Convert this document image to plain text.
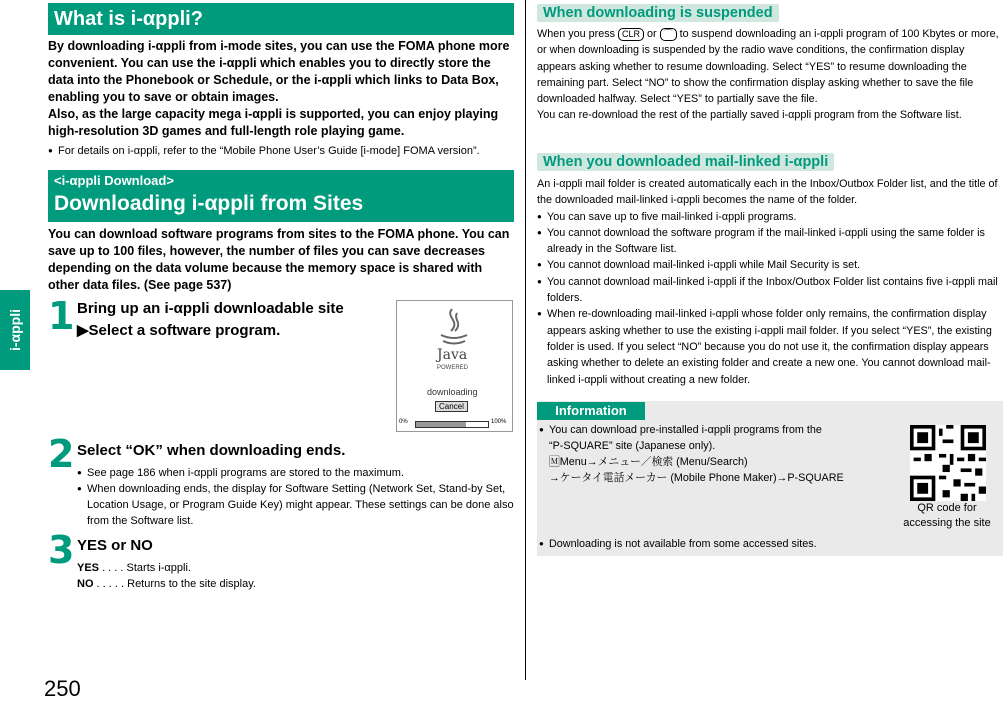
i-αppli
250
What is i-αppli?
By downloading i-αppli from i-mode sites, you can use the FOMA phone more convenient. You can use the i-αppli which enables you to directly store the data into the Phonebook or Schedule, or the i-αppli which links to Data Box, enabling you to save or obtain images.
Also, as the large capacity mega i-αppli is supported, you can enjoy playing high-resolution 3D games and full-length role playing game.
● For details on i-αppli, refer to the “Mobile Phone User’s Guide [i-mode] FOMA version”.
<i-αppli Download>
Downloading i-αppli from Sites
You can download software programs from sites to the FOMA phone. You can save up to 100 files, however, the number of files you can save decreases depending on the data volume because the memory space is shared with other data files. (See page 537)
1 Bring up an i-αppli downloadable site
▶Select a software program.
Java
POWERED
downloading
Cancel
0%	100%
2 Select “OK” when downloading ends.
● See page 186 when i-αppli programs are stored to the maximum.
● When downloading ends, the display for Software Setting (Network Set, Stand-by Set, Location Usage, or Program Guide Key) might appear. These settings can be done also from the Software list.
3 YES or NO
YES . . . . Starts i-αppli.
NO . . . . . Returns to the site display.
When downloading is suspended
When you press CLR or ⌒ to suspend downloading an i-αppli program of 100 Kbytes or more, or when downloading is suspended by the radio wave conditions, the confirmation display appears asking whether to resume downloading. Select “YES” to resume downloading the remaining part. Select “NO” to show the confirmation display asking whether to save the file downloaded halfway. Select “YES” to partially save the file.
You can re-download the rest of the partially saved i-αppli program from the Software list.
When you downloaded mail-linked i-αppli
An i-αppli mail folder is created automatically each in the Inbox/Outbox Folder list, and the title of the downloaded mail-linked i-αppli becomes the name of the folder.
● You can save up to five mail-linked i-αppli programs.
● You cannot download the software program if the mail-linked i-αppli using the same folder is already in the Software list.
● You cannot download mail-linked i-αppli while Mail Security is set.
● You cannot download mail-linked i-αppli if the Inbox/Outbox Folder list contains five i-αppli mail folders.
● When re-downloading mail-linked i-αppli whose folder only remains, the confirmation display appears asking whether to use the existing i-αppli mail folder. If you select “YES”, the existing folder is used. If you select “NO” because you do not use it, the confirmation display appears asking whether to delete an existing folder and create a new one. You cannot download mail-linked i-αppli without creating a new folder.
Information
● You can download pre-installed i-αppli programs from the
“P-SQUARE” site (Japanese only).
🄼Menu→メニュー／検索 (Menu/Search)
→ケータイ電話メーカー (Mobile Phone Maker)→P-SQUARE
QR code for
accessing the site
● Downloading is not available from some accessed sites.
